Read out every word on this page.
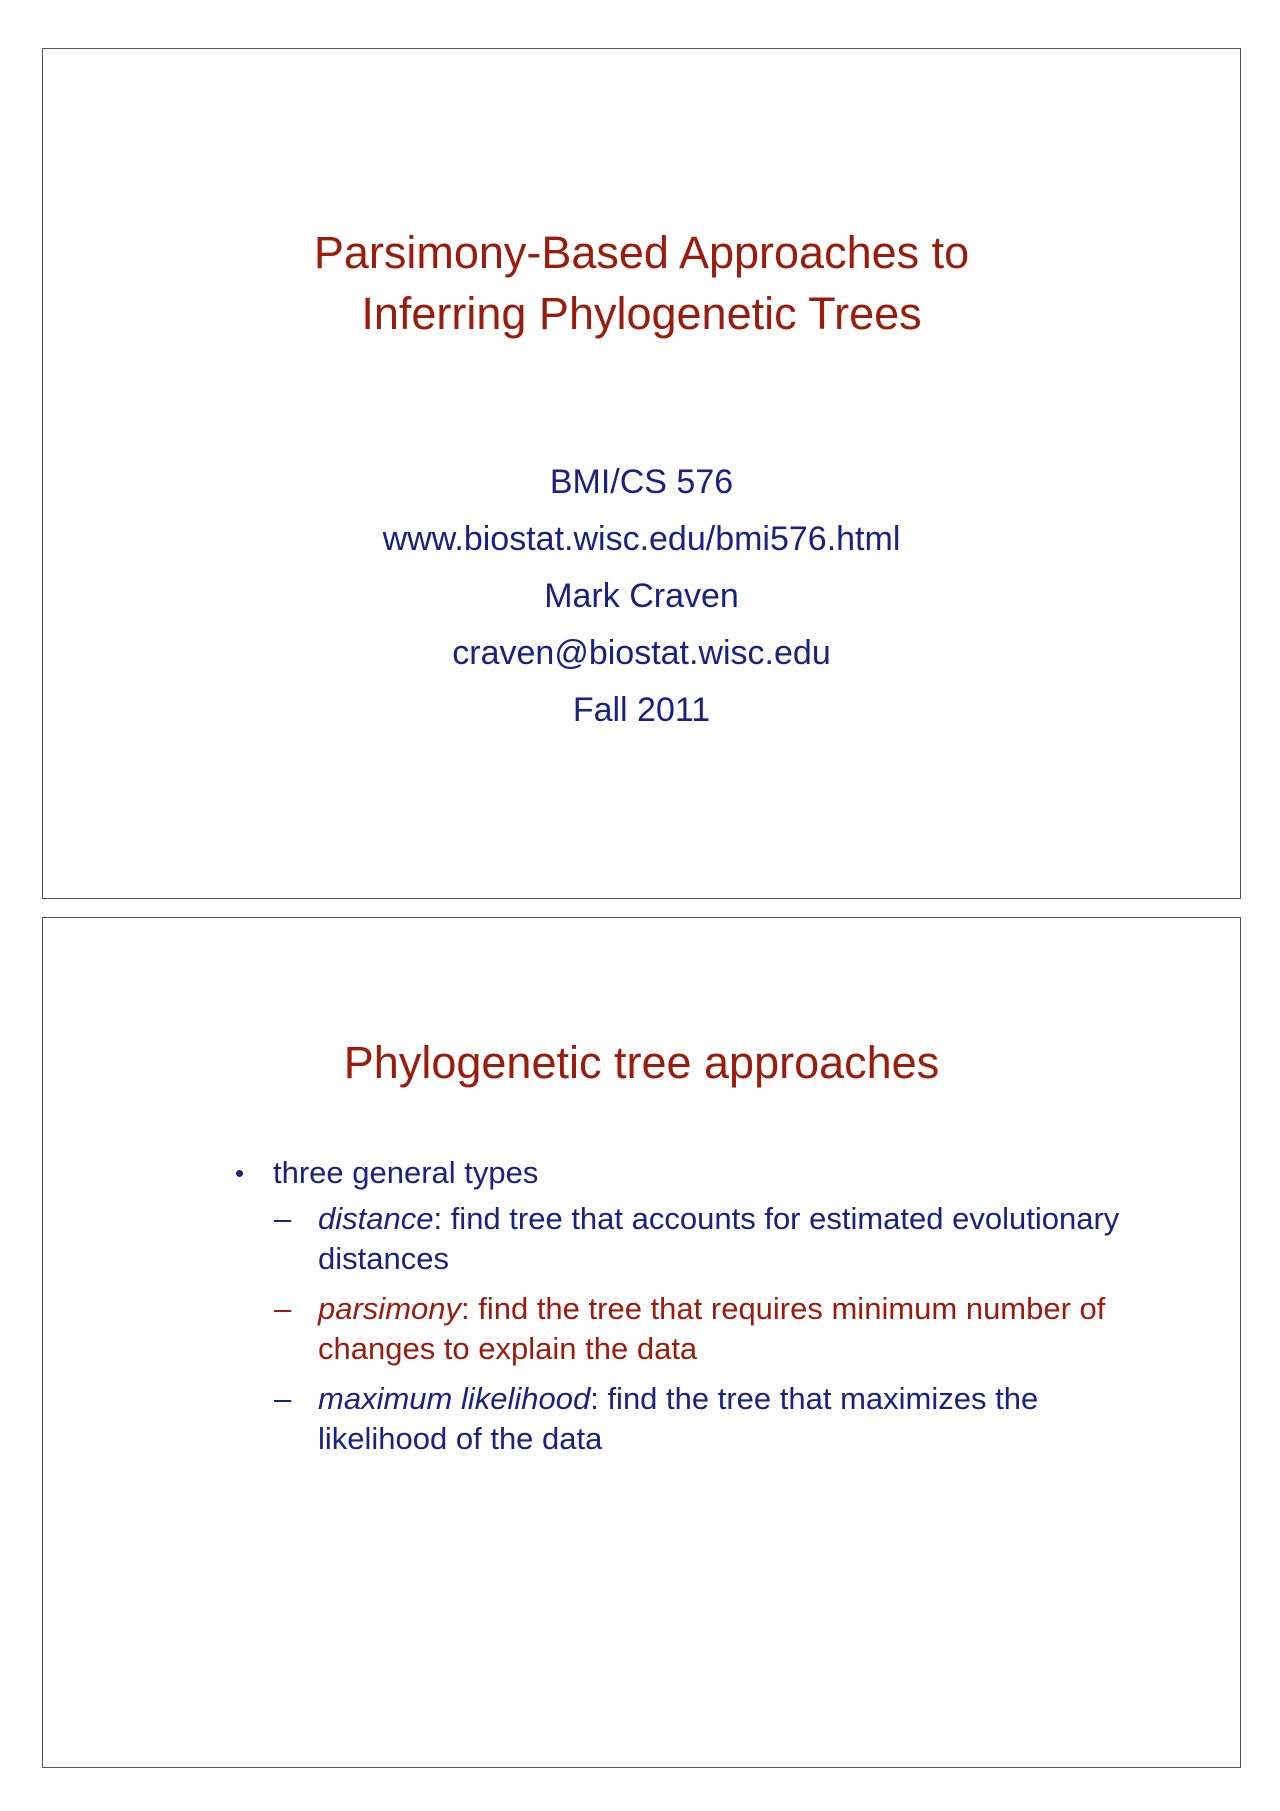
Parsimony-Based Approaches to
Inferring Phylogenetic Trees
BMI/CS 576
www.biostat.wisc.edu/bmi576.html
Mark Craven
craven@biostat.wisc.edu
Fall 2011
Phylogenetic tree approaches
• three general types
– distance: find tree that accounts for estimated evolutionary distances
– parsimony: find the tree that requires minimum number of changes to explain the data
– maximum likelihood: find the tree that maximizes the likelihood of the data
